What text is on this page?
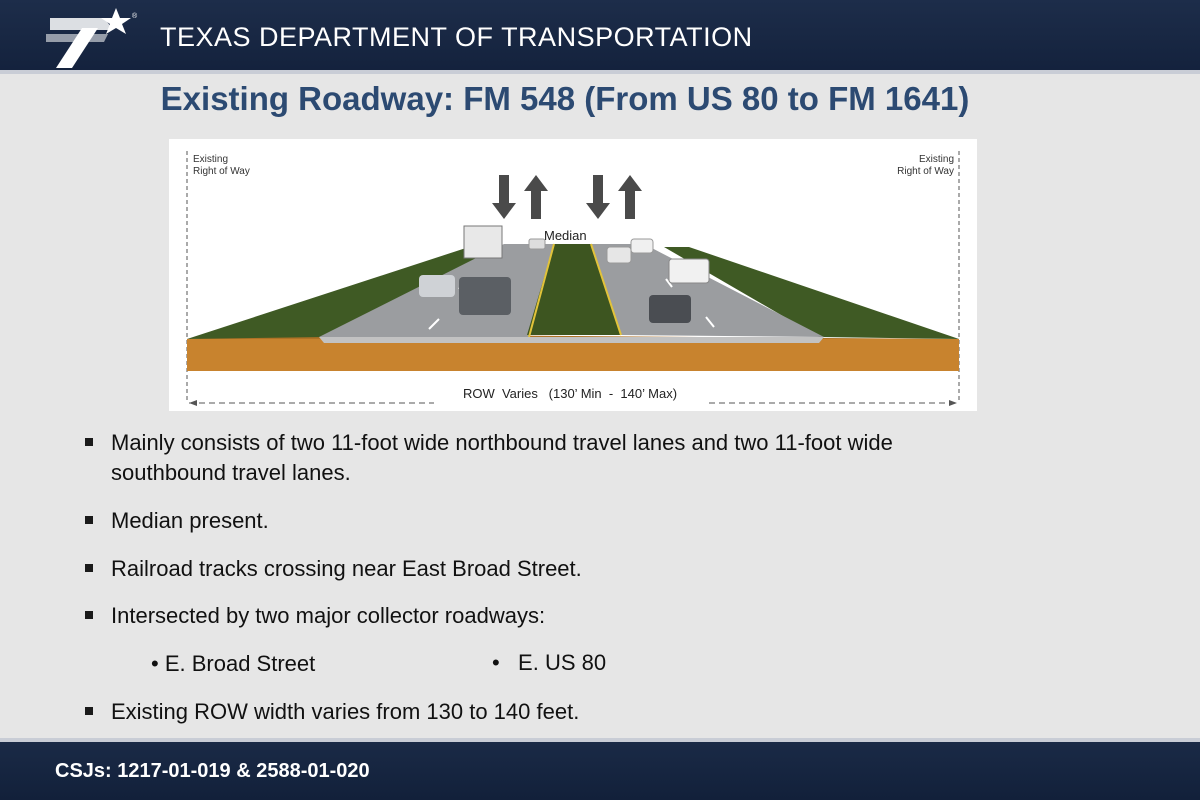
®
TEXAS DEPARTMENT OF TRANSPORTATION
Existing Roadway: FM 548 (From US 80 to FM 1641)
Existing
Right of Way
Existing
Right of Way
Median
ROW  Varies   (130’ Min  -  140’ Max)
Mainly consists of two 11-foot wide northbound travel lanes and two 11-foot wide southbound travel lanes.
Median present.
Railroad tracks crossing near East Broad Street.
Intersected by two major collector roadways:
• E. Broad Street	•   E. US 80
Existing ROW width varies from 130 to 140 feet.
CSJs: 1217-01-019 & 2588-01-020
